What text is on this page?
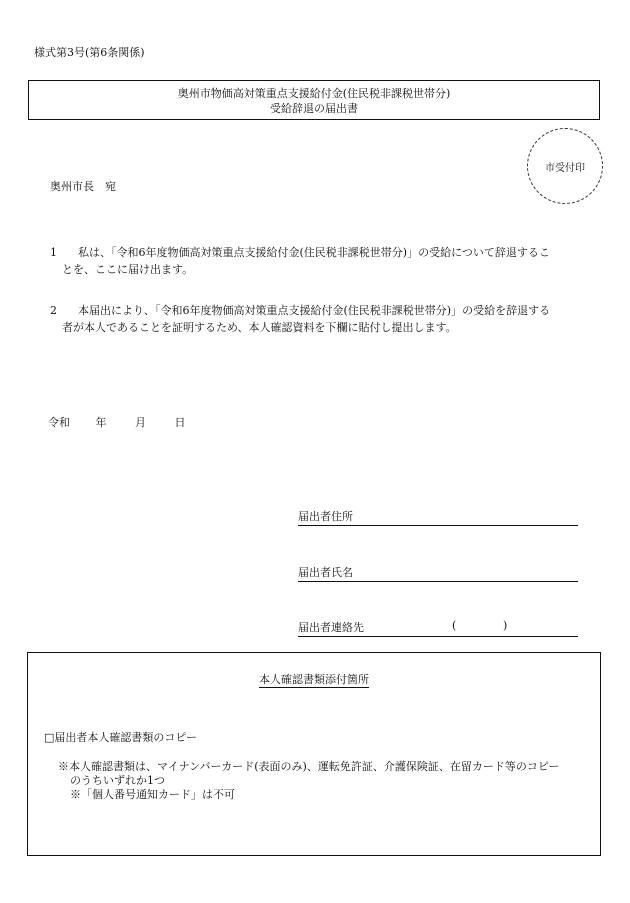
様式第3号(第6条関係)
奥州市物価高対策重点支援給付金(住民税非課税世帯分)
受給辞退の届出書
市受付印
奥州市長　宛
1 私は、「令和6年度物価高対策重点支援給付金(住民税非課税世帯分)」の受給について辞退するこ
とを、ここに届け出ます。
2 本届出により、「令和6年度物価高対策重点支援給付金(住民税非課税世帯分)」の受給を辞退する
者が本人であることを証明するため、本人確認資料を下欄に貼付し提出します。
令和 年	月	日
届出者住所
届出者氏名
届出者連絡先	(	)
本人確認書類添付箇所
□届出者本人確認書類のコピー
※本人確認書類は、マイナンバーカード(表面のみ)、運転免許証、介護保険証、在留カード等のコピー
のうちいずれか1つ
※「個人番号通知カード」は不可
